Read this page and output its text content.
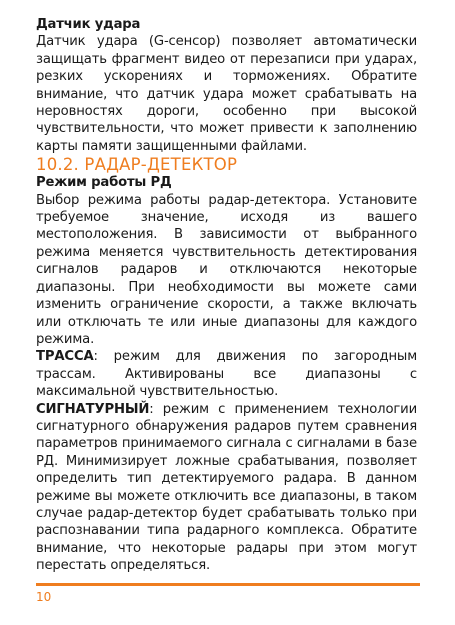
Датчик удара

Датчик удара (G-сенсор) позволяет автоматически защищать фрагмент видео от перезаписи при ударах, резких ускорениях и торможениях. Обратите внимание, что датчик удара может срабатывать на неровностях дороги, особенно при высокой чувствительности, что может привести к заполнению карты памяти защищенными файлами.

10.2. РАДАР-ДЕТЕКТОР

Режим работы РД

Выбор режима работы радар-детектора. Установите требуемое значение, исходя из вашего местоположения. В зависимости от выбранного режима меняется чувствительность детектирования сигналов радаров и отключаются некоторые диапазоны. При необходимости вы можете сами изменить ограничение скорости, а также включать или отключать те или иные диапазоны для каждого режима.

ТРАССА: режим для движения по загородным трассам. Активированы все диапазоны с максимальной чувствительностью.

СИГНАТУРНЫЙ: режим с применением технологии сигнатурного обнаружения радаров путем сравнения параметров принимаемого сигнала с сигналами в базе РД. Минимизирует ложные срабатывания, позволяет определить тип детектируемого радара. В данном режиме вы можете отключить все диапазоны, в таком случае радар-детектор будет срабатывать только при распознавании типа радарного комплекса. Обратите внимание, что некоторые радары при этом могут перестать определяться.

10
